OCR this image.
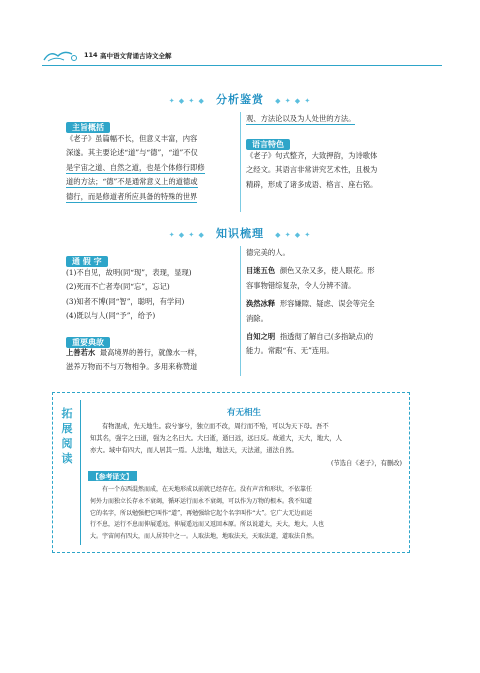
114 高中语文背诵古诗文全解
✦ ◆ ✦ ◆ 分析鉴赏 ◆ ✦ ◆ ✦
主旨概括

《老子》虽篇幅不长，但意义丰富，内容

深遂。其主要论述“道”与“德”，“道”不仅

是宇宙之道、自然之道，也是个体修行即修

道的方法；“德”不是通常意义上的道德或

德行，而是修道者所应具备的特殊的世界

观、方法论以及为人处世的方法。

语言特色

《老子》句式整齐，大致押韵，为诗歌体

之经文。其语言非常讲究艺术性，且极为

精辟，形成了诸多成语、格言、座右铭。

✦ ◆ ✦ ◆ 知识梳理 ◆ ✦ ◆ ✦
通 假 字

(1)不自见，故明(同“现”，表现，显现)

(2)死而不亡者寿(同“忘”，忘记)

(3)知者不博(同“智”，聪明，有学问)

(4)既以与人(同“予”，给予)

重要典故

上善若水 最高境界的善行，就像水一样，

滋养万物而不与万物相争。多用来称赞道

德完美的人。

目迷五色 颜色又杂又多，使人眼花。形

容事物错综复杂，令人分辨不清。

涣然冰释 形容嫌隙、疑虑、误会等完全

消除。

自知之明 指透彻了解自己(多指缺点)的

能力。常跟“有、无”连用。

拓
展
阅
读
有无相生
有物混成，先天地生。寂兮寥兮，独立而不改，周行而不殆，可以为天下母。吾不
知其名，强字之曰道，强为之名曰大。大曰逝，逝曰远，远曰反。故道大，天大，地大，人
亦大。域中有四大，而人居其一焉。人法地，地法天，天法道，道法自然。
(节选自《老子》，有删改)
【参考译文】
有一个东西混然而成，在天地形成以前就已经存在。没有声音和形状，不依靠任
何外力而独立长存永不衰竭，循环运行而永不衰竭，可以作为万物的根本。我不知道
它的名字，所以勉强把它叫作“道”，再勉强给它起个名字叫作“大”。它广大无边而运
行不息，运行不息而伸展遥远，伸展遥远而又返回本原。所以说道大，天大，地大，人也
大。宇宙间有四大，而人居其中之一。人取法地，地取法天，天取法道，道取法自然。
